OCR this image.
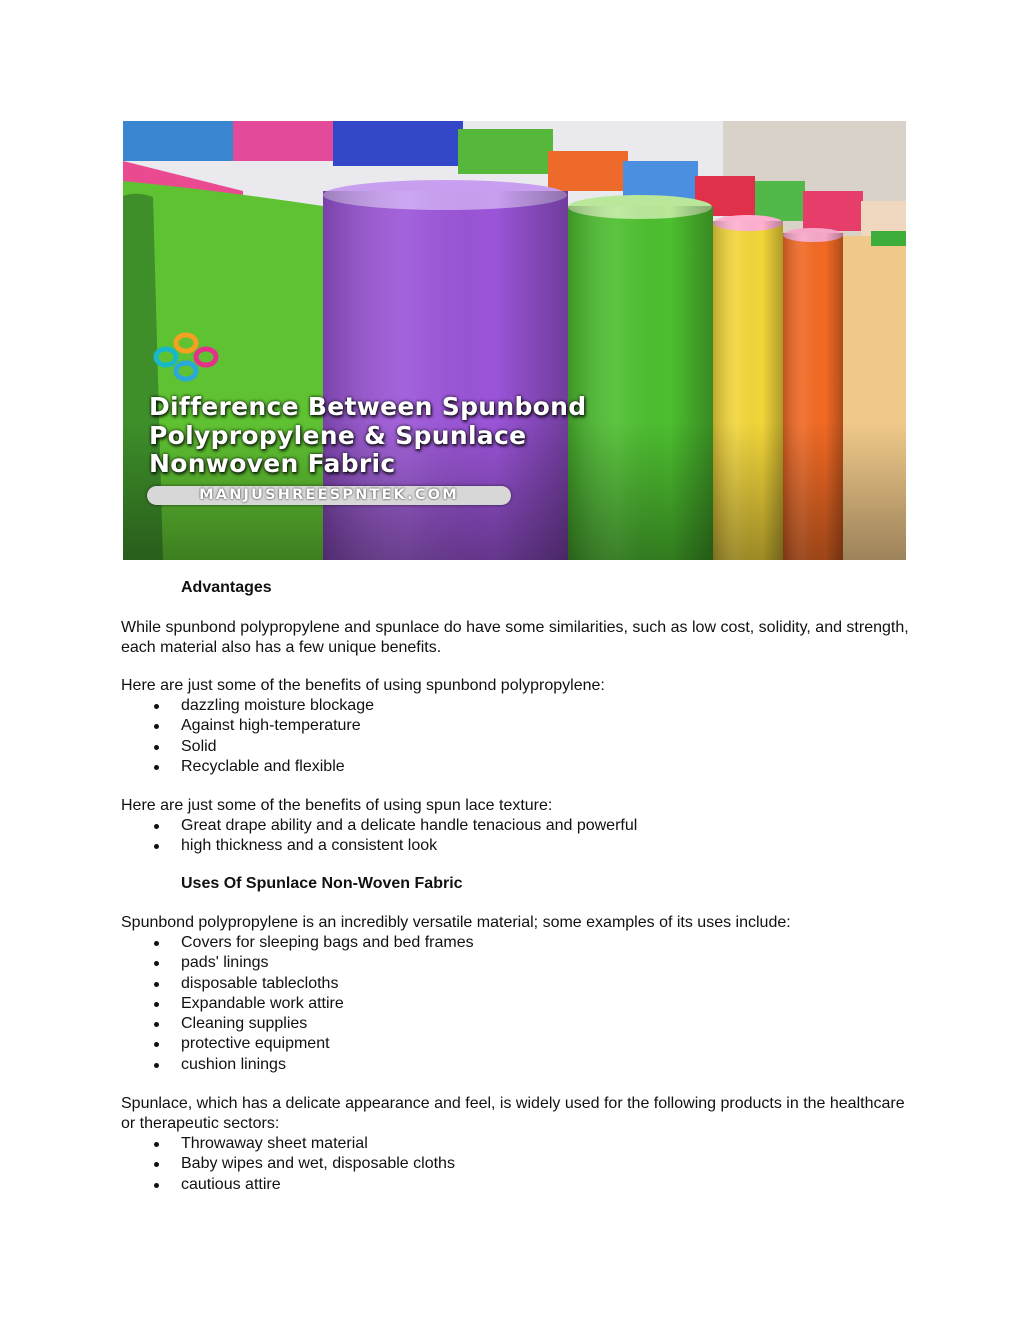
Difference Between Spunbond
Polypropylene & Spunlace
Nonwoven Fabric
MANJUSHREESPNTEK.COM
Advantages
While spunbond polypropylene and spunlace do have some similarities, such as low cost, solidity, and strength, each material also has a few unique benefits.
Here are just some of the benefits of using spunbond polypropylene:
dazzling moisture blockage
Against high-temperature
Solid
Recyclable and flexible
Here are just some of the benefits of using spun lace texture:
Great drape ability and a delicate handle tenacious and powerful
high thickness and a consistent look
Uses Of Spunlace Non-Woven Fabric
Spunbond polypropylene is an incredibly versatile material; some examples of its uses include:
Covers for sleeping bags and bed frames
pads' linings
disposable tablecloths
Expandable work attire
Cleaning supplies
protective equipment
cushion linings
Spunlace, which has a delicate appearance and feel, is widely used for the following products in the healthcare or therapeutic sectors:
Throwaway sheet material
Baby wipes and wet, disposable cloths
cautious attire
